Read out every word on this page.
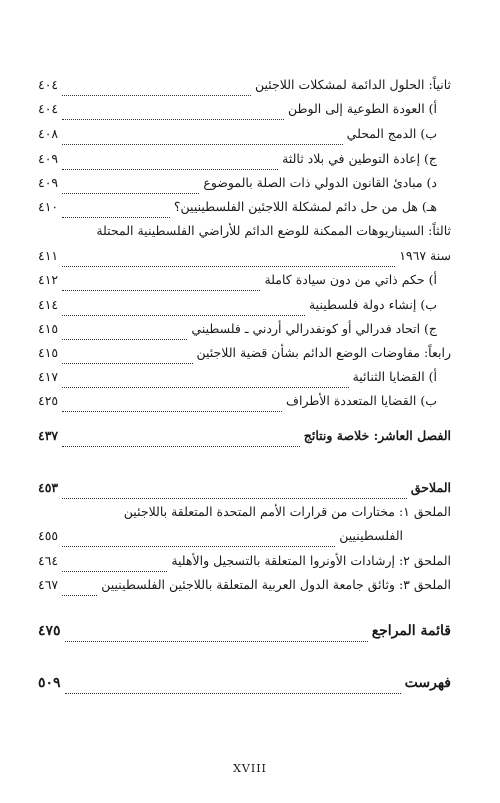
ثانياً: الحلول الدائمة لمشكلات اللاجئين
٤٠٤
أ) العودة الطوعية إلى الوطن
٤٠٤
ب) الدمج المحلي
٤٠٨
ج) إعادة التوطين في بلاد ثالثة
٤٠٩
د) مبادئ القانون الدولي ذات الصلة بالموضوع
٤٠٩
هـ) هل من حل دائم لمشكلة اللاجئين الفلسطينيين؟
٤١٠
ثالثاً: السيناريوهات الممكنة للوضع الدائم للأراضي الفلسطينية المحتلة
سنة ١٩٦٧
٤١١
أ) حكم ذاتي من دون سيادة كاملة
٤١٢
ب) إنشاء دولة فلسطينية
٤١٤
ج) اتحاد فدرالي أو كونفدرالي أردني ـ فلسطيني
٤١٥
رابعاً: مفاوضات الوضع الدائم بشأن قضية اللاجئين
٤١٥
أ) القضايا الثنائية
٤١٧
ب) القضايا المتعددة الأطراف
٤٢٥
الفصل العاشر: خلاصة ونتائج
٤٣٧
الملاحق
٤٥٣
الملحق ١: مختارات من قرارات الأمم المتحدة المتعلقة باللاجئين
الفلسطينيين
٤٥٥
الملحق ٢: إرشادات الأونروا المتعلقة بالتسجيل والأهلية
٤٦٤
الملحق ٣: وثائق جامعة الدول العربية المتعلقة باللاجئين الفلسطينيين
٤٦٧
قائمة المراجع
٤٧٥
فهرست
٥٠٩
XVIII
